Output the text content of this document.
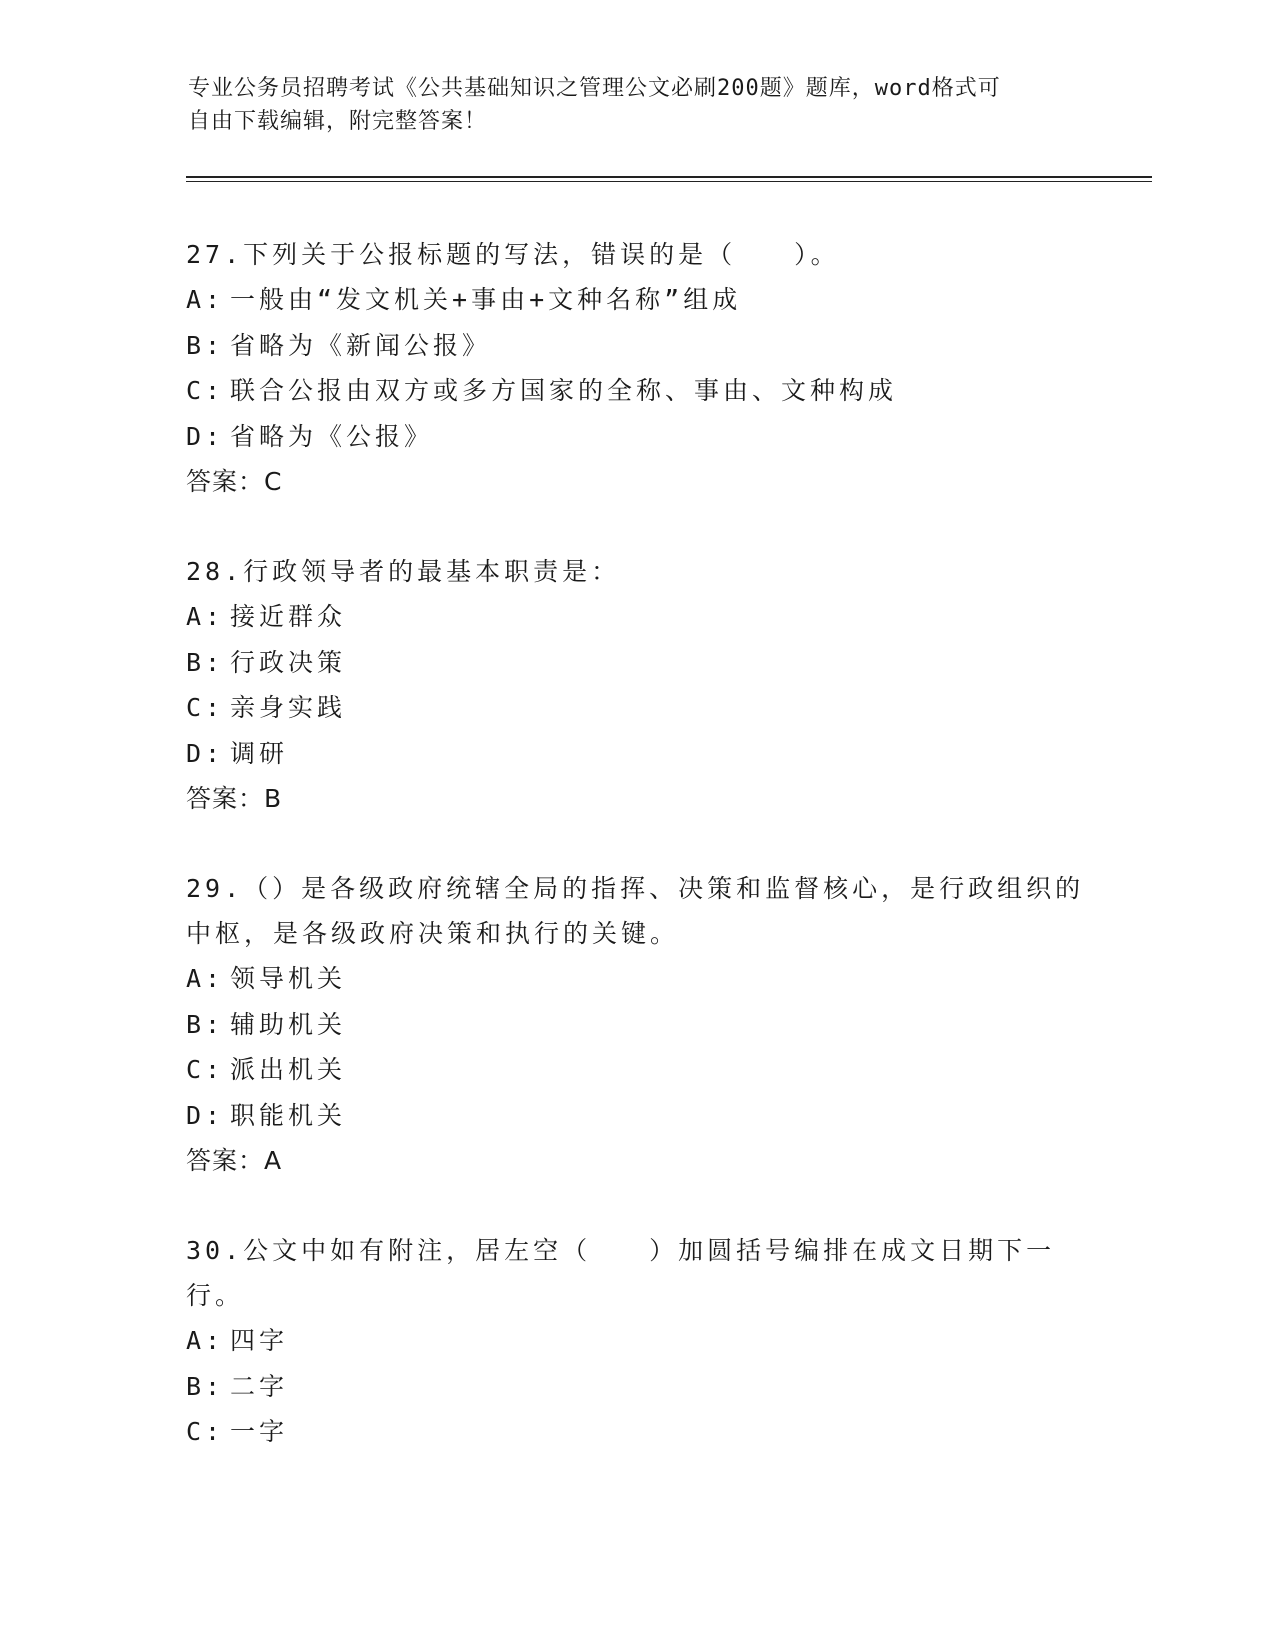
专业公务员招聘考试《公共基础知识之管理公文必刷200题》题库，word格式可
自由下载编辑，附完整答案！

27.下列关于公报标题的写法，错误的是（　　）。

A: 一般由“发文机关+事由+文种名称”组成

B: 省略为《新闻公报》

C: 联合公报由双方或多方国家的全称、事由、文种构成

D: 省略为《公报》

答案：C

28.行政领导者的最基本职责是：

A: 接近群众

B: 行政决策

C: 亲身实践

D: 调研

答案：B

29.（）是各级政府统辖全局的指挥、决策和监督核心，是行政组织的中枢，是各级政府决策和执行的关键。

A: 领导机关

B: 辅助机关

C: 派出机关

D: 职能机关

答案：A

30.公文中如有附注，居左空（　　）加圆括号编排在成文日期下一行。

A: 四字

B: 二字

C: 一字
